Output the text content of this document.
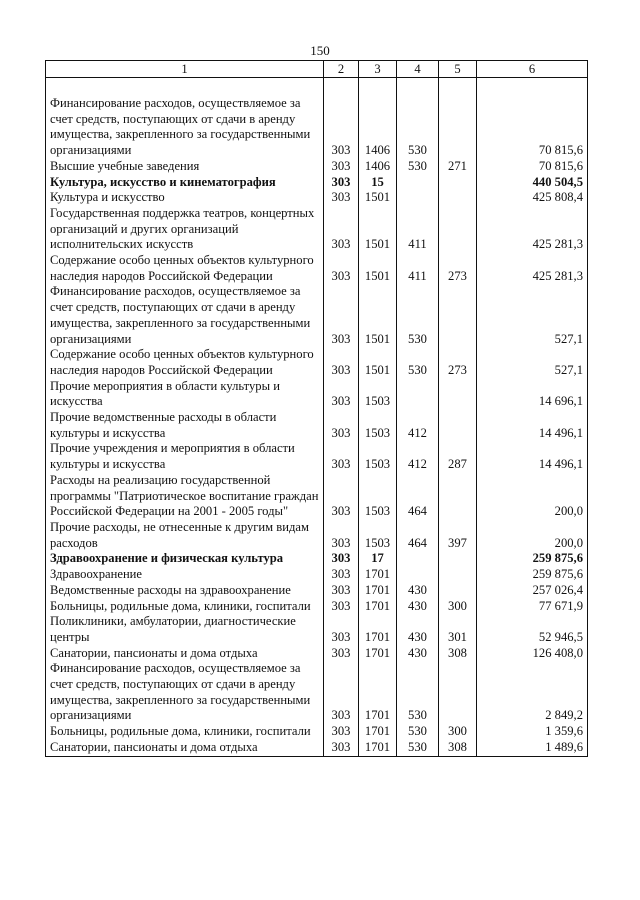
150
1	2	3	4	5	6

Финансирование расходов, осуществляемое за счет средств, поступающих от сдачи в аренду имущества, закрепленного за государственными организациями	303	1406	530		70 815,6
Высшие учебные заведения	303	1406	530	271	70 815,6
Культура, искусство и кинематография	303	15			440 504,5
Культура и искусство	303	1501			425 808,4
Государственная поддержка театров, концертных организаций и других организаций исполнительских искусств	303	1501	411		425 281,3
Содержание особо ценных объектов культурного наследия народов Российской Федерации	303	1501	411	273	425 281,3
Финансирование расходов, осуществляемое за счет средств, поступающих от сдачи в аренду имущества, закрепленного за государственными организациями	303	1501	530		527,1
Содержание особо ценных объектов культурного наследия народов Российской Федерации	303	1501	530	273	527,1
Прочие мероприятия в области культуры и искусства	303	1503			14 696,1
Прочие ведомственные расходы в области культуры и искусства	303	1503	412		14 496,1
Прочие учреждения и мероприятия в области культуры и искусства	303	1503	412	287	14 496,1
Расходы на реализацию государственной программы "Патриотическое воспитание граждан Российской Федерации на 2001 - 2005 годы"	303	1503	464		200,0
Прочие расходы, не отнесенные к другим видам расходов	303	1503	464	397	200,0
Здравоохранение и физическая культура	303	17			259 875,6
Здравоохранение	303	1701			259 875,6
Ведомственные расходы на здравоохранение	303	1701	430		257 026,4
Больницы, родильные дома, клиники, госпитали	303	1701	430	300	77 671,9
Поликлиники, амбулатории, диагностические центры	303	1701	430	301	52 946,5
Санатории, пансионаты и дома отдыха	303	1701	430	308	126 408,0
Финансирование расходов, осуществляемое за счет средств, поступающих от сдачи в аренду имущества, закрепленного за государственными организациями	303	1701	530		2 849,2
Больницы, родильные дома, клиники, госпитали	303	1701	530	300	1 359,6
Санатории, пансионаты и дома отдыха	303	1701	530	308	1 489,6
